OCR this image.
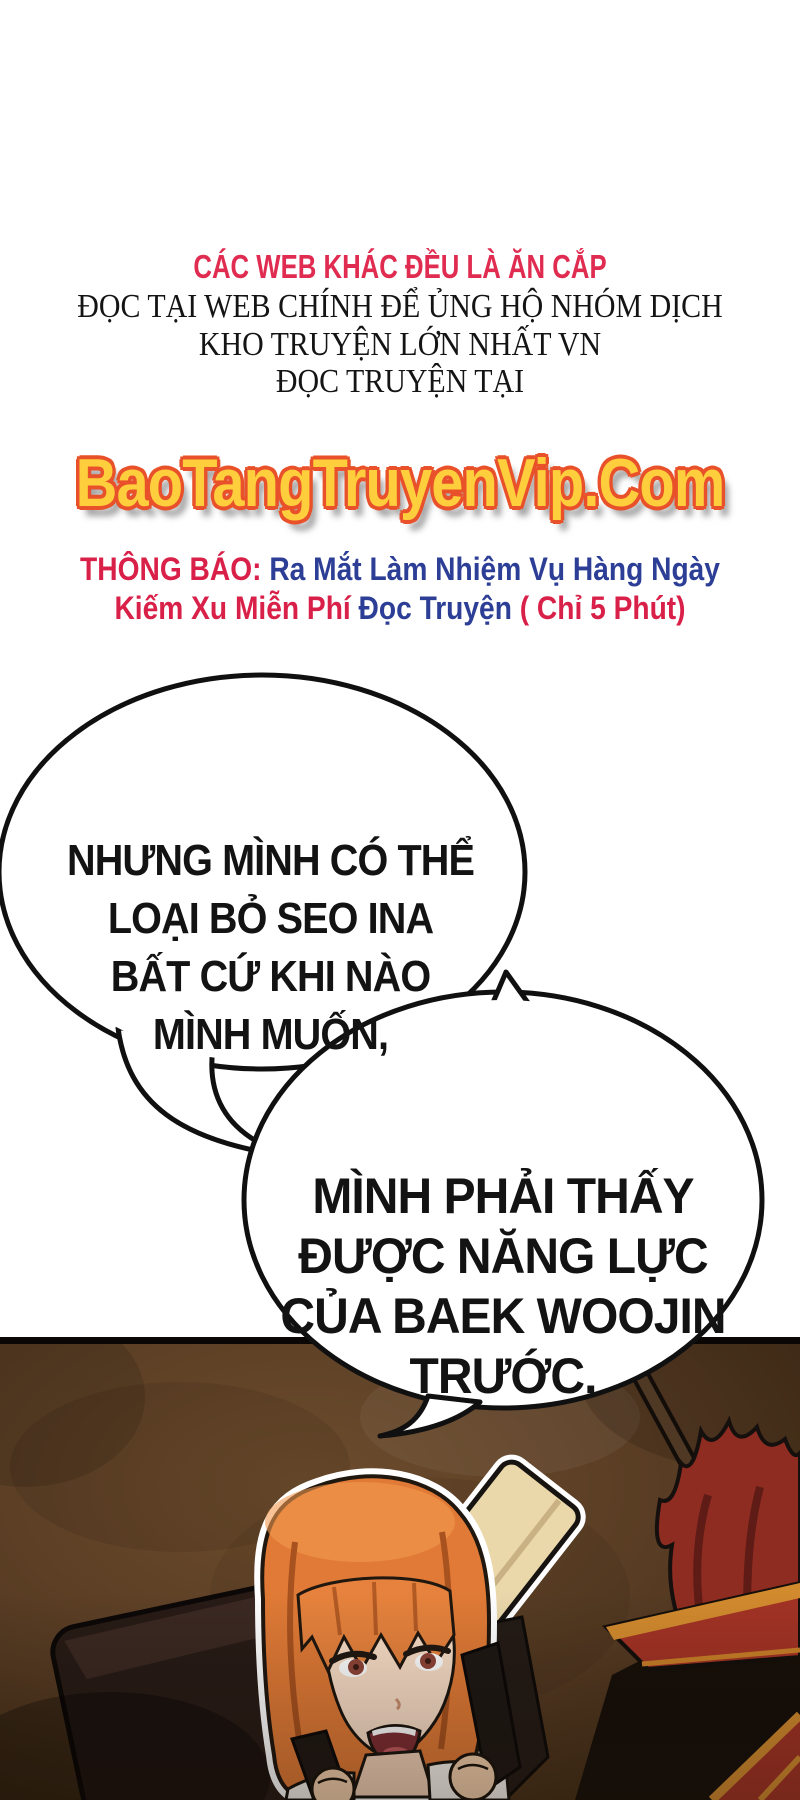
CÁC WEB KHÁC ĐỀU LÀ ĂN CẮP
ĐỌC TẠI WEB CHÍNH ĐỂ ỦNG HỘ NHÓM DỊCH
KHO TRUYỆN LỚN NHẤT VN
ĐỌC TRUYỆN TẠI
BaoTangTruyenVip.Com
THÔNG BÁO: Ra Mắt Làm Nhiệm Vụ Hàng Ngày
Kiếm Xu Miễn Phí Đọc Truyện ( Chỉ 5 Phút)
NHƯNG MÌNH CÓ THỂ
LOẠI BỎ SEO INA
BẤT CỨ KHI NÀO
MÌNH MUỐN,
MÌNH PHẢI THẤY
ĐƯỢC NĂNG LỰC
CỦA BAEK WOOJIN
TRƯỚC.
